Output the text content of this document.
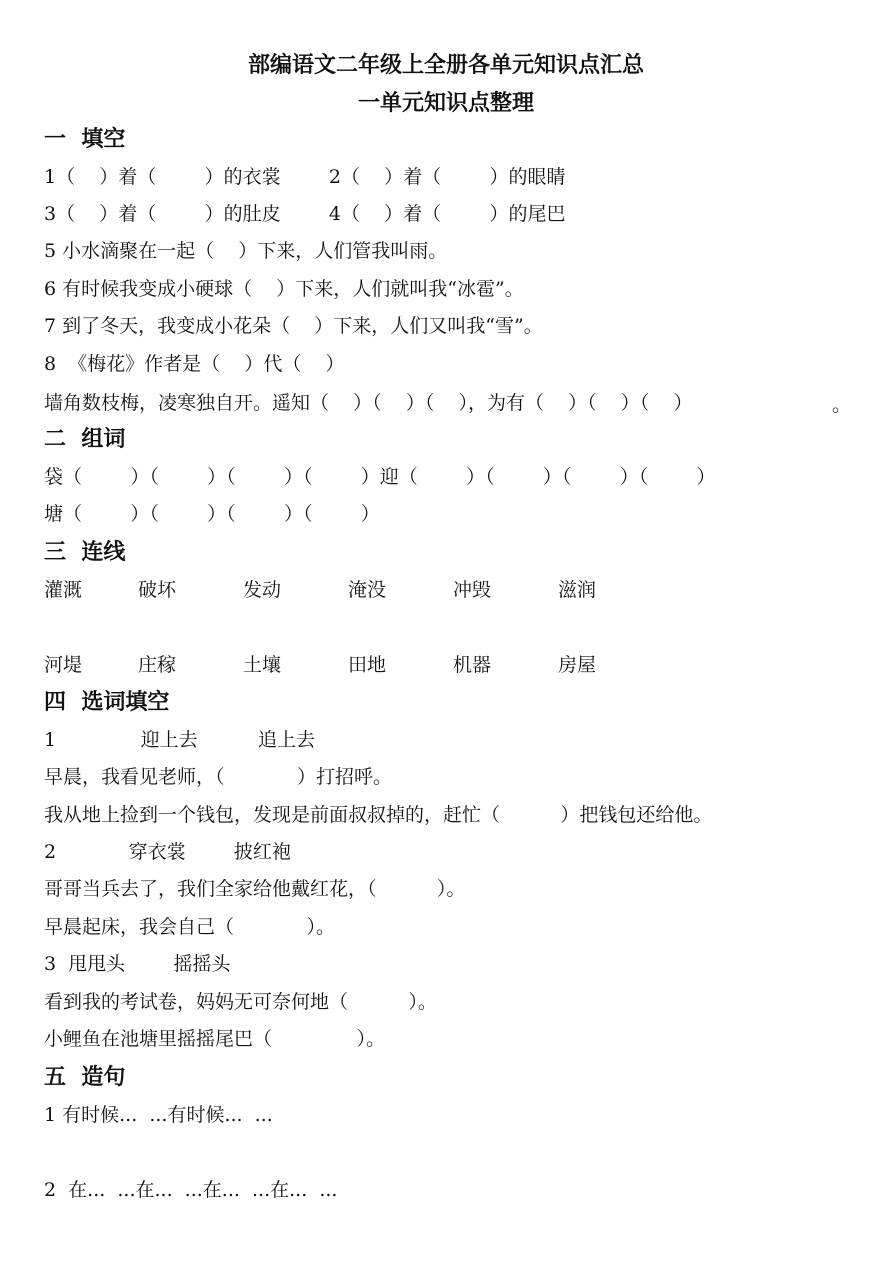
部编语文二年级上全册各单元知识点汇总
一单元知识点整理
一  填空
1（    ）着（        ）的衣裳        2（    ）着（        ）的眼睛
3（    ）着（        ）的肚皮        4（    ）着（        ）的尾巴
5 小水滴聚在一起（    ）下来，人们管我叫雨。
6 有时候我变成小硬球（    ）下来，人们就叫我“冰雹”。
7 到了冬天，我变成小花朵（    ）下来，人们又叫我“雪”。
8  《梅花》作者是（    ）代（    ）
墙角数枝梅，凌寒独自开。遥知（    ）（    ）（    ），为有（    ）（    ）（    ）	。
二  组词
袋（        ）（        ）（        ）（        ）迎（        ）（        ）（        ）（        ）
塘（        ）（        ）（        ）（        ）
三  连线
灌溉	破坏	发动	淹没	冲毁	滋润
河堤	庄稼	土壤	田地	机器	房屋
四  选词填空
1              迎上去          追上去
早晨，我看见老师，（            ）打招呼。
我从地上捡到一个钱包，发现是前面叔叔掉的，赶忙（          ）把钱包还给他。
2            穿衣裳        披红袍
哥哥当兵去了，我们全家给他戴红花，（          ）。
早晨起床，我会自己（            ）。
3  甩甩头        摇摇头
看到我的考试卷，妈妈无可奈何地（          ）。
小鲤鱼在池塘里摇摇尾巴（              ）。
五  造句
1 有时候...  ...有时候...  ...
2  在...  ...在...  ...在...  ...在...  ...
